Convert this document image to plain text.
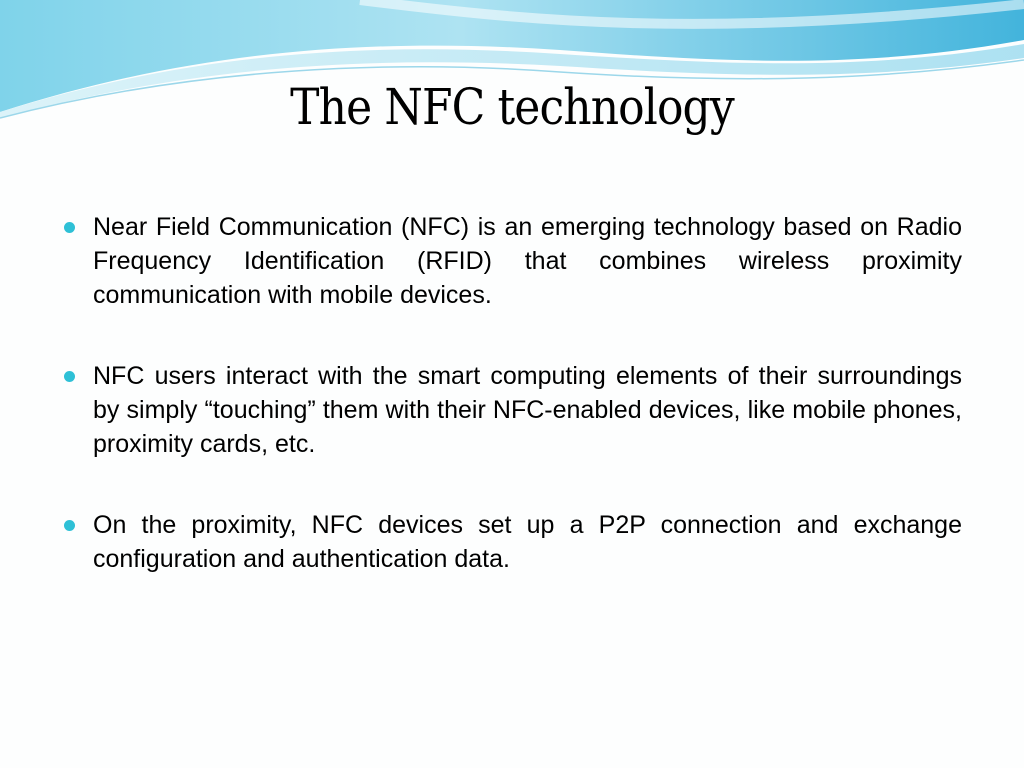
The NFC technology
Near Field Communication (NFC) is an emerging technology based on Radio Frequency Identification (RFID) that combines wireless proximity communication with mobile devices.
NFC users interact with the smart computing elements of their surroundings by simply “touching” them with their NFC-enabled devices, like mobile phones, proximity cards, etc.
On the proximity, NFC devices set up a P2P connection and exchange configuration and authentication data.
